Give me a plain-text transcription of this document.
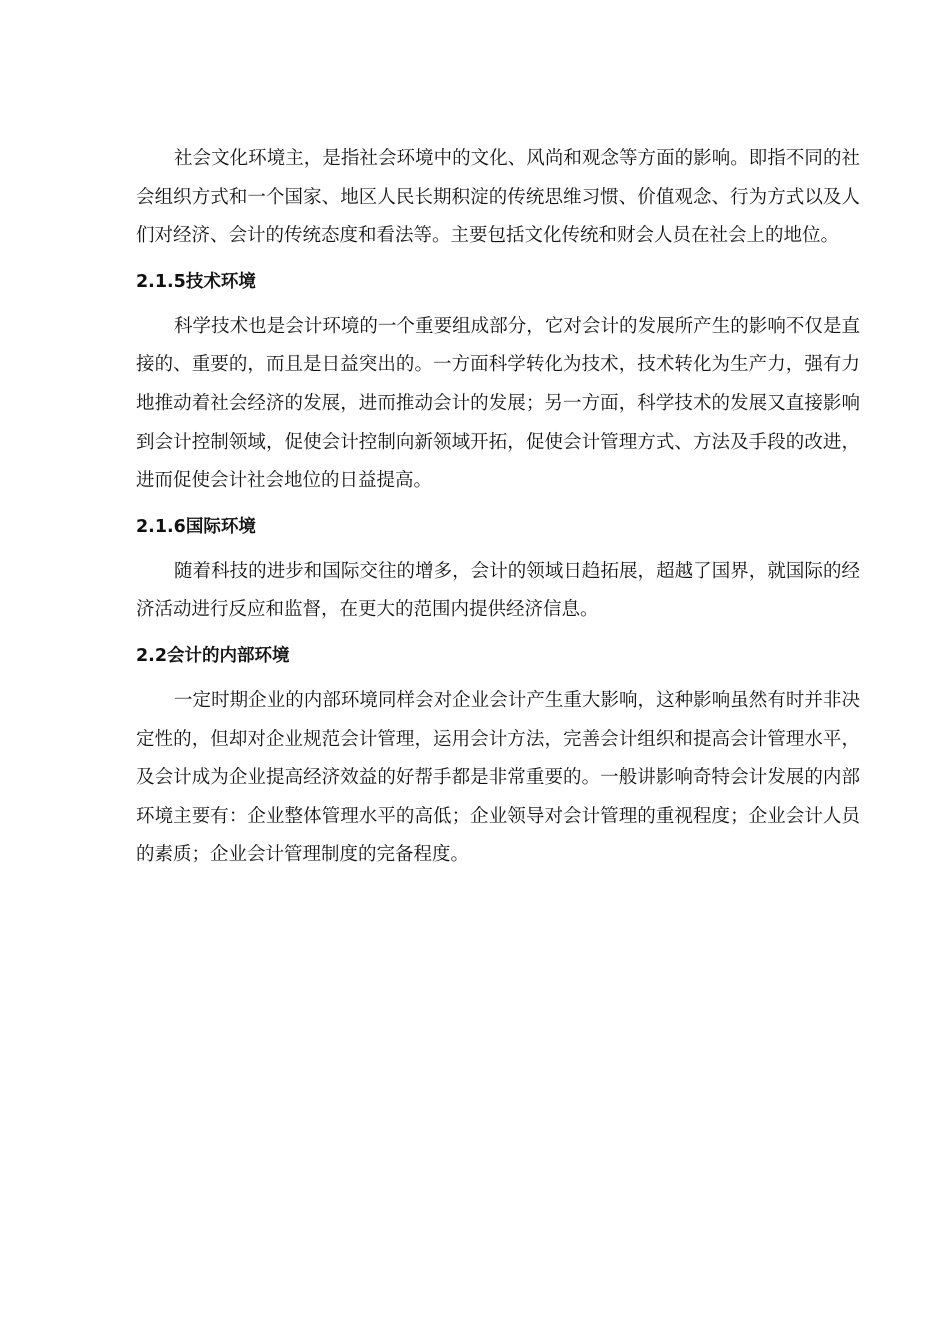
社会文化环境主，是指社会环境中的文化、风尚和观念等方面的影响。即指不同的社会组织方式和一个国家、地区人民长期积淀的传统思维习惯、价值观念、行为方式以及人们对经济、会计的传统态度和看法等。主要包括文化传统和财会人员在社会上的地位。

2.1.5技术环境

科学技术也是会计环境的一个重要组成部分，它对会计的发展所产生的影响不仅是直接的、重要的，而且是日益突出的。一方面科学转化为技术，技术转化为生产力，强有力地推动着社会经济的发展，进而推动会计的发展；另一方面，科学技术的发展又直接影响到会计控制领域，促使会计控制向新领域开拓，促使会计管理方式、方法及手段的改进，进而促使会计社会地位的日益提高。

2.1.6国际环境

随着科技的进步和国际交往的增多，会计的领域日趋拓展，超越了国界，就国际的经济活动进行反应和监督，在更大的范围内提供经济信息。

2.2会计的内部环境

一定时期企业的内部环境同样会对企业会计产生重大影响，这种影响虽然有时并非决定性的，但却对企业规范会计管理，运用会计方法，完善会计组织和提高会计管理水平，及会计成为企业提高经济效益的好帮手都是非常重要的。一般讲影响奇特会计发展的内部环境主要有：企业整体管理水平的高低；企业领导对会计管理的重视程度；企业会计人员的素质；企业会计管理制度的完备程度。
